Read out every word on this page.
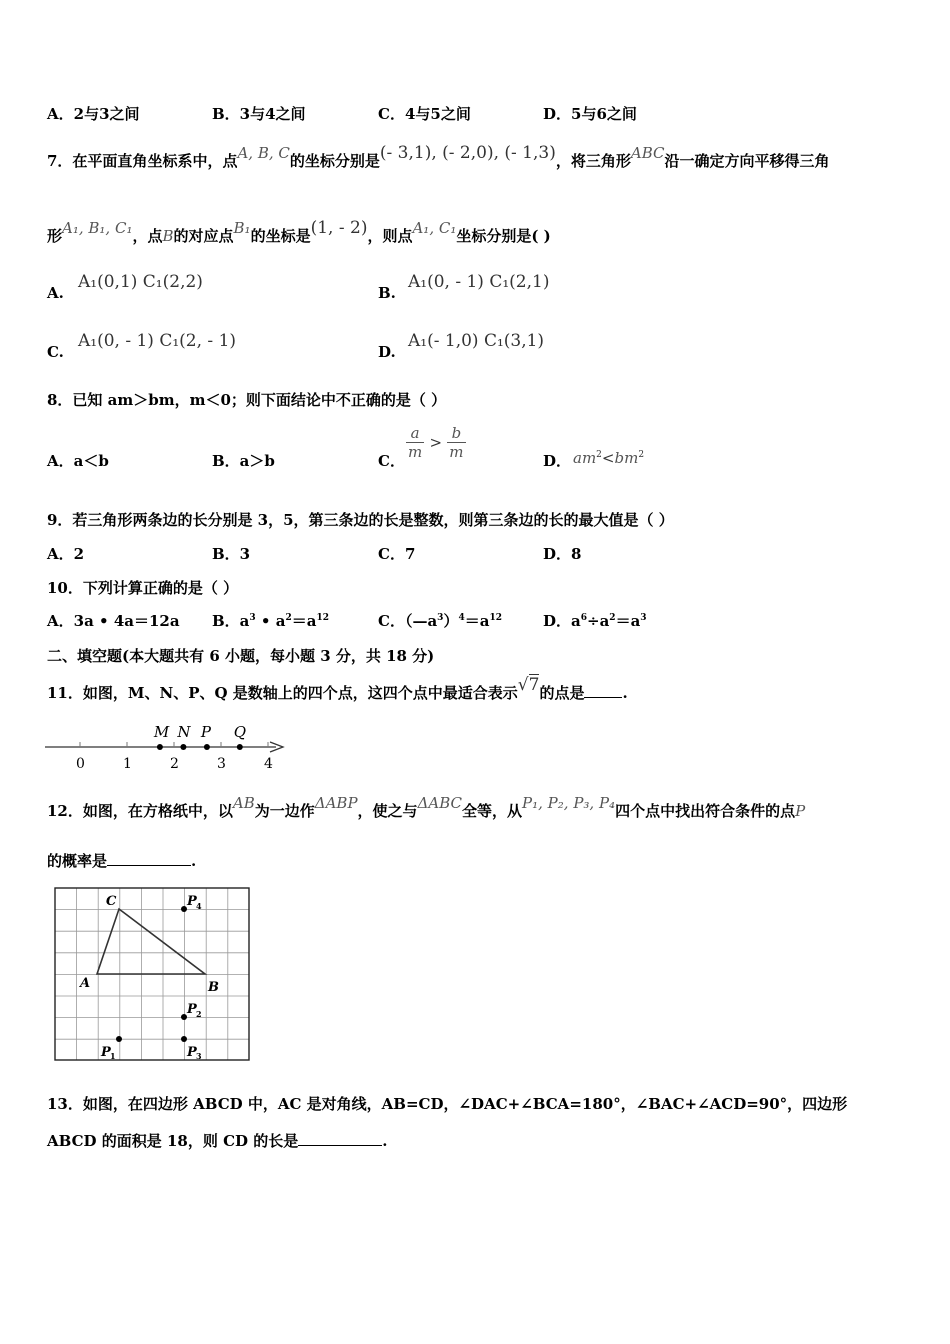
A．2与3之间	B．3与4之间	C．4与5之间	D．5与6之间
7．在平面直角坐标系中，点A, B, C的坐标分别是(- 3,1), (- 2,0), (- 1,3)，将三角形ABC沿一确定方向平移得三角
形A₁, B₁, C₁，点B的对应点B₁的坐标是(1, - 2)，则点A₁, C₁坐标分别是( )
A.
A₁(0,1) C₁(2,2)
B.
A₁(0, - 1) C₁(2,1)
C.
A₁(0, - 1) C₁(2, - 1)
D.
A₁(- 1,0) C₁(3,1)
8．已知 am＞bm，m＜0；则下面结论中不正确的是（ ）
A．a＜b	B．a＞b	C． $\frac{a}{m} > \frac{b}{m}$	D． $am^2<bm^2$
9．若三角形两条边的长分别是 3，5，第三条边的长是整数，则第三条边的长的最大值是（ ）
A．2	B．3	C．7	D．8
10．下列计算正确的是（ ）
A．3a • 4a＝12a B．$a^3$ • $a^2=a^{12}$	C．$(—a^3)^4=a^{12}$	D．$a^6\div a^2=a^3$
二、填空题(本大题共有 6 小题，每小题 3 分，共 18 分)
11．如图，M、N、P、Q 是数轴上的四个点，这四个点中最适合表示√7的点是	.
0	1	2	3	4
M N P Q
12．如图，在方格纸中，以AB为一边作ΔABP，使之与ΔABC全等，从P₁, P₂, P₃, P₄四个点中找出符合条件的点P
的概率是	.
C
A	B
P 4
P 2
P 1	P 3
13．如图，在四边形 ABCD 中，AC 是对角线，AB=CD，∠DAC+∠BCA=180°，∠BAC+∠ACD=90°，四边形
ABCD 的面积是 18，则 CD 的长是	.
